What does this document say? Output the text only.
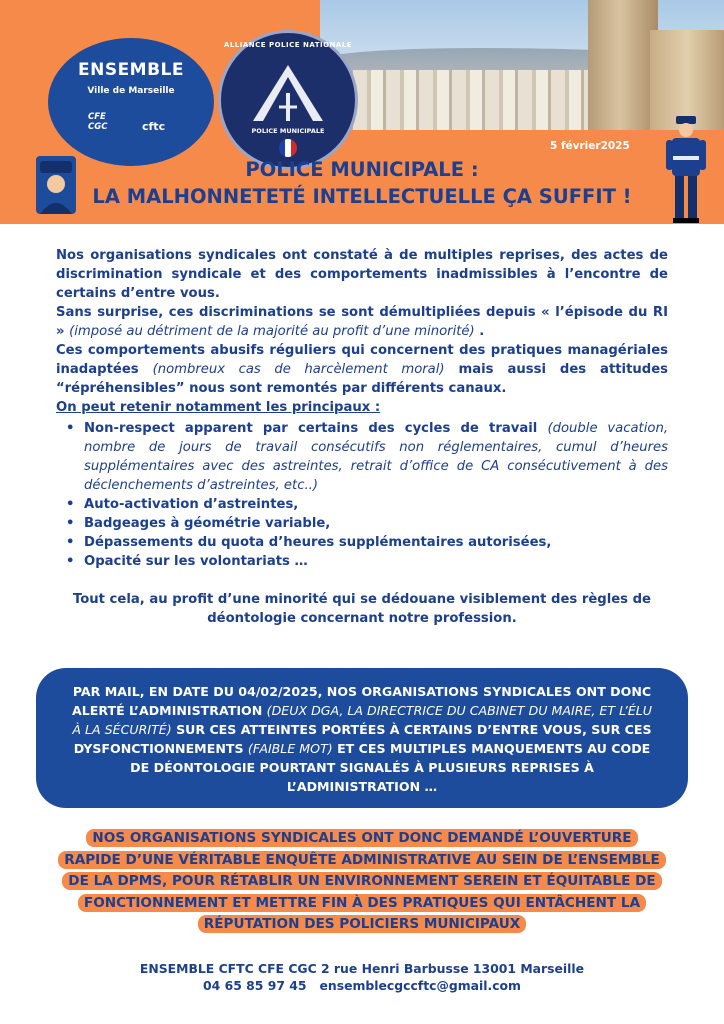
ENSEMBLE
Ville de Marseille
CFE
CGC	cftc
ALLIANCE POLICE NATIONALE
POLICE MUNICIPALE
5 février2025
POLICE MUNICIPALE :
LA MALHONNETETÉ INTELLECTUELLE ÇA SUFFIT !

Nos organisations syndicales ont constaté à de multiples reprises, des actes de discrimination syndicale et des comportements inadmissibles à l’encontre de certains d’entre vous.

Sans surprise, ces discriminations se sont démultipliées depuis « l’épisode du RI » (imposé au détriment de la majorité au profit d’une minorité) .

Ces comportements abusifs réguliers qui concernent des pratiques managériales inadaptées (nombreux cas de harcèlement moral) mais aussi des attitudes “répréhensibles” nous sont remontés par différents canaux.

On peut retenir notamment les principaux :

• Non-respect apparent par certains des cycles de travail (double vacation, nombre de jours de travail consécutifs non réglementaires, cumul d’heures supplémentaires avec des astreintes, retrait d’office de CA consécutivement à des déclenchements d’astreintes, etc..)
• Auto-activation d’astreintes,
• Badgeages à géométrie variable,
• Dépassements du quota d’heures supplémentaires autorisées,
• Opacité sur les volontariats …

Tout cela, au profit d’une minorité qui se dédouane visiblement des règles de déontologie concernant notre profession.

PAR MAIL, EN DATE DU 04/02/2025, NOS ORGANISATIONS SYNDICALES ONT DONC ALERTÉ L’ADMINISTRATION (DEUX DGA, LA DIRECTRICE DU CABINET DU MAIRE, ET L’ÉLU À LA SÉCURITÉ) SUR CES ATTEINTES PORTÉES À CERTAINS D’ENTRE VOUS, SUR CES DYSFONCTIONNEMENTS (FAIBLE MOT) ET CES MULTIPLES MANQUEMENTS AU CODE DE DÉONTOLOGIE POURTANT SIGNALÉS À PLUSIEURS REPRISES À L’ADMINISTRATION …
NOS ORGANISATIONS SYNDICALES ONT DONC DEMANDÉ L’OUVERTURE
RAPIDE D’UNE VÉRITABLE ENQUÊTE ADMINISTRATIVE AU SEIN DE L’ENSEMBLE
DE LA DPMS, POUR RÉTABLIR UN ENVIRONNEMENT SEREIN ET ÉQUITABLE DE
FONCTIONNEMENT ET METTRE FIN À DES PRATIQUES QUI ENTÂCHENT LA
RÉPUTATION DES POLICIERS MUNICIPAUX
ENSEMBLE CFTC CFE CGC 2 rue Henri Barbusse 13001 Marseille
04 65 85 97 45 ensemblecgccftc@gmail.com
